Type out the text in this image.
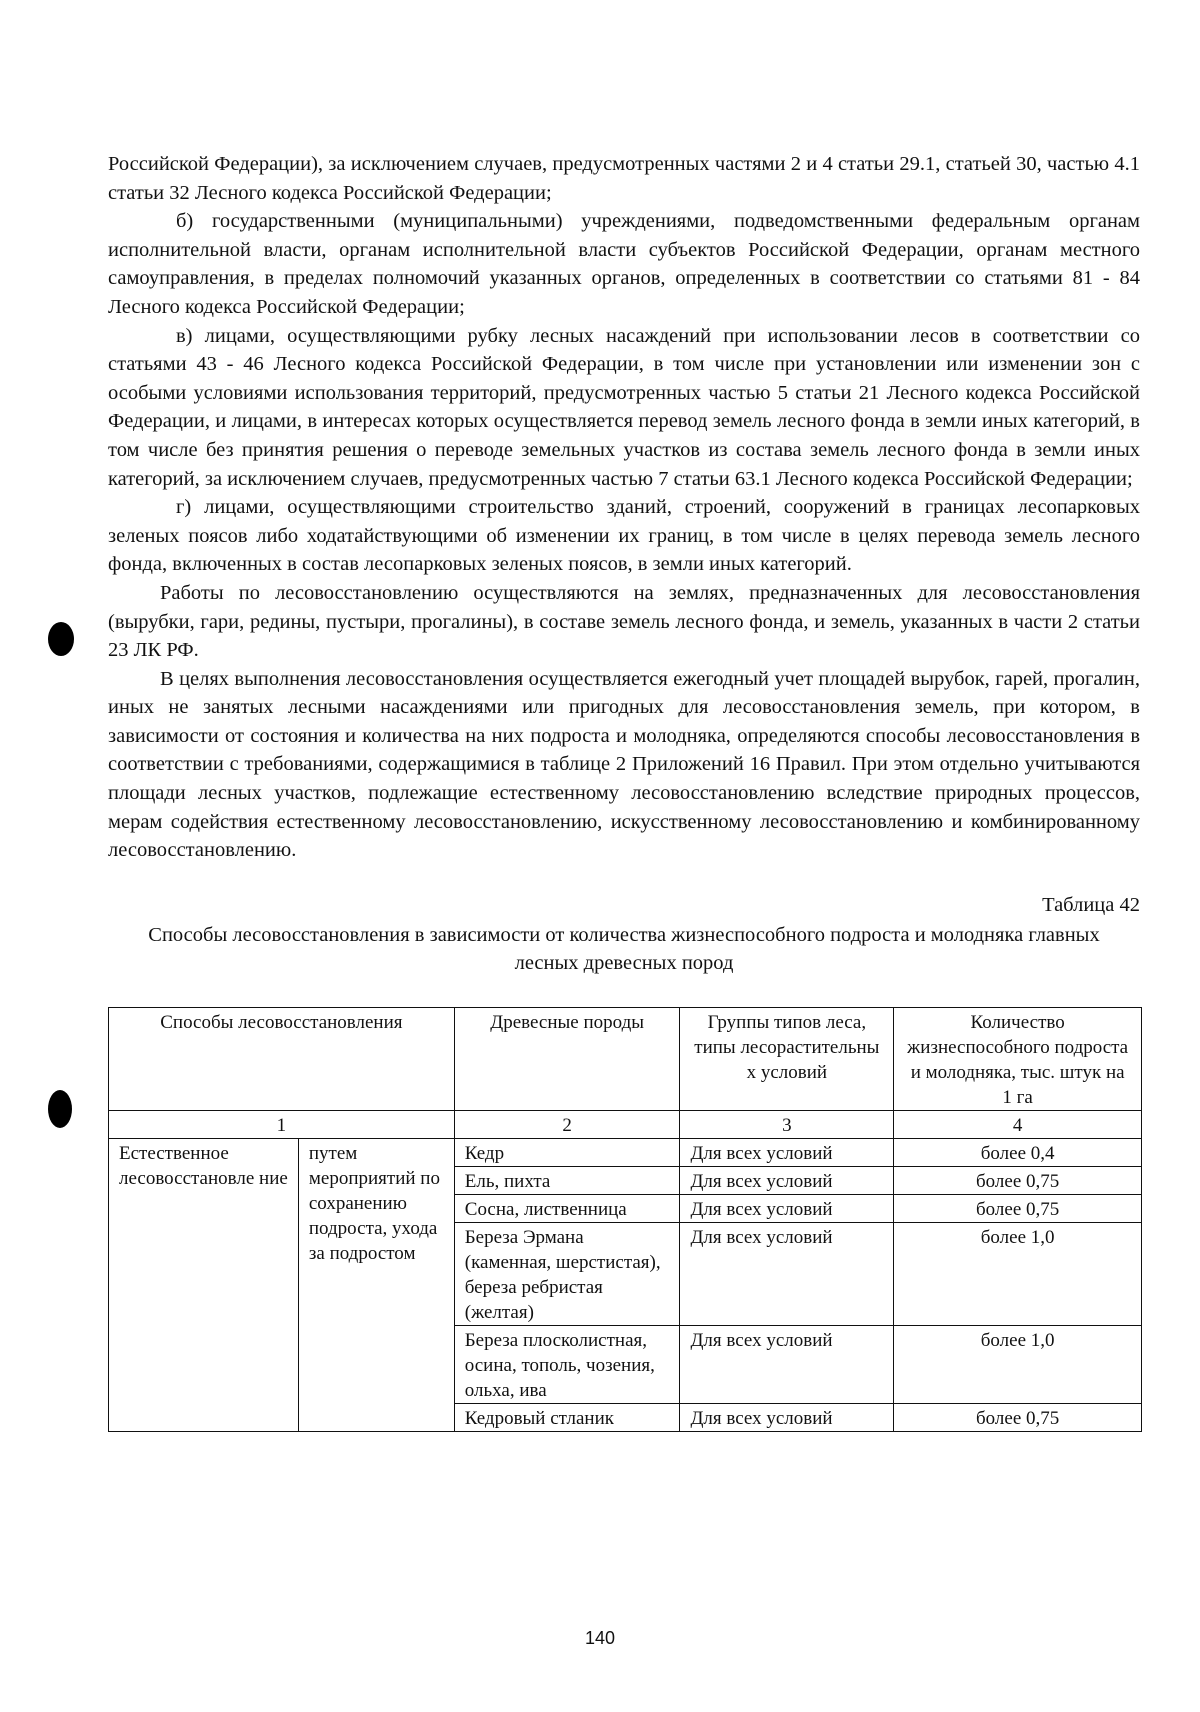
Российской Федерации), за исключением случаев, предусмотренных частями 2 и 4 статьи 29.1, статьей 30, частью 4.1 статьи 32 Лесного кодекса Российской Федерации;

б) государственными (муниципальными) учреждениями, подведомственными федеральным органам исполнительной власти, органам исполнительной власти субъектов Российской Федерации, органам местного самоуправления, в пределах полномочий указанных органов, определенных в соответствии со статьями 81 - 84 Лесного кодекса Российской Федерации;

в) лицами, осуществляющими рубку лесных насаждений при использовании лесов в соответствии со статьями 43 - 46 Лесного кодекса Российской Федерации, в том числе при установлении или изменении зон с особыми условиями использования территорий, предусмотренных частью 5 статьи 21 Лесного кодекса Российской Федерации, и лицами, в интересах которых осуществляется перевод земель лесного фонда в земли иных категорий, в том числе без принятия решения о переводе земельных участков из состава земель лесного фонда в земли иных категорий, за исключением случаев, предусмотренных частью 7 статьи 63.1 Лесного кодекса Российской Федерации;

г) лицами, осуществляющими строительство зданий, строений, сооружений в границах лесопарковых зеленых поясов либо ходатайствующими об изменении их границ, в том числе в целях перевода земель лесного фонда, включенных в состав лесопарковых зеленых поясов, в земли иных категорий.

Работы по лесовосстановлению осуществляются на землях, предназначенных для лесовосстановления (вырубки, гари, редины, пустыри, прогалины), в составе земель лесного фонда, и земель, указанных в части 2 статьи 23 ЛК РФ.

В целях выполнения лесовосстановления осуществляется ежегодный учет площадей вырубок, гарей, прогалин, иных не занятых лесными насаждениями или пригодных для лесовосстановления земель, при котором, в зависимости от состояния и количества на них подроста и молодняка, определяются способы лесовосстановления в соответствии с требованиями, содержащимися в таблице 2 Приложений 16 Правил. При этом отдельно учитываются площади лесных участков, подлежащие естественному лесовосстановлению вследствие природных процессов, мерам содействия естественному лесовосстановлению, искусственному лесовосстановлению и комбинированному лесовосстановлению.

Таблица 42
Способы лесовосстановления в зависимости от количества жизнеспособного подроста и молодняка главных лесных древесных пород
Способы лесовосстановления		Древесные породы	Группы типов леса, типы лесорастительны х условий	Количество жизнеспособного подроста и молодняка, тыс. штук на 1 га
1		2	3	4
Естественное лесовосстановле ние	путем мероприятий по сохранению подроста, ухода за подростом	Кедр	Для всех условий	более 0,4
		Ель, пихта	Для всех условий	более 0,75
		Сосна, лиственница	Для всех условий	более 0,75
		Береза Эрмана (каменная, шерстистая), береза ребристая (желтая)	Для всех условий	более 1,0
		Береза плосколистная, осина, тополь, чозения, ольха, ива	Для всех условий	более 1,0
		Кедровый стланик	Для всех условий	более 0,75
140
